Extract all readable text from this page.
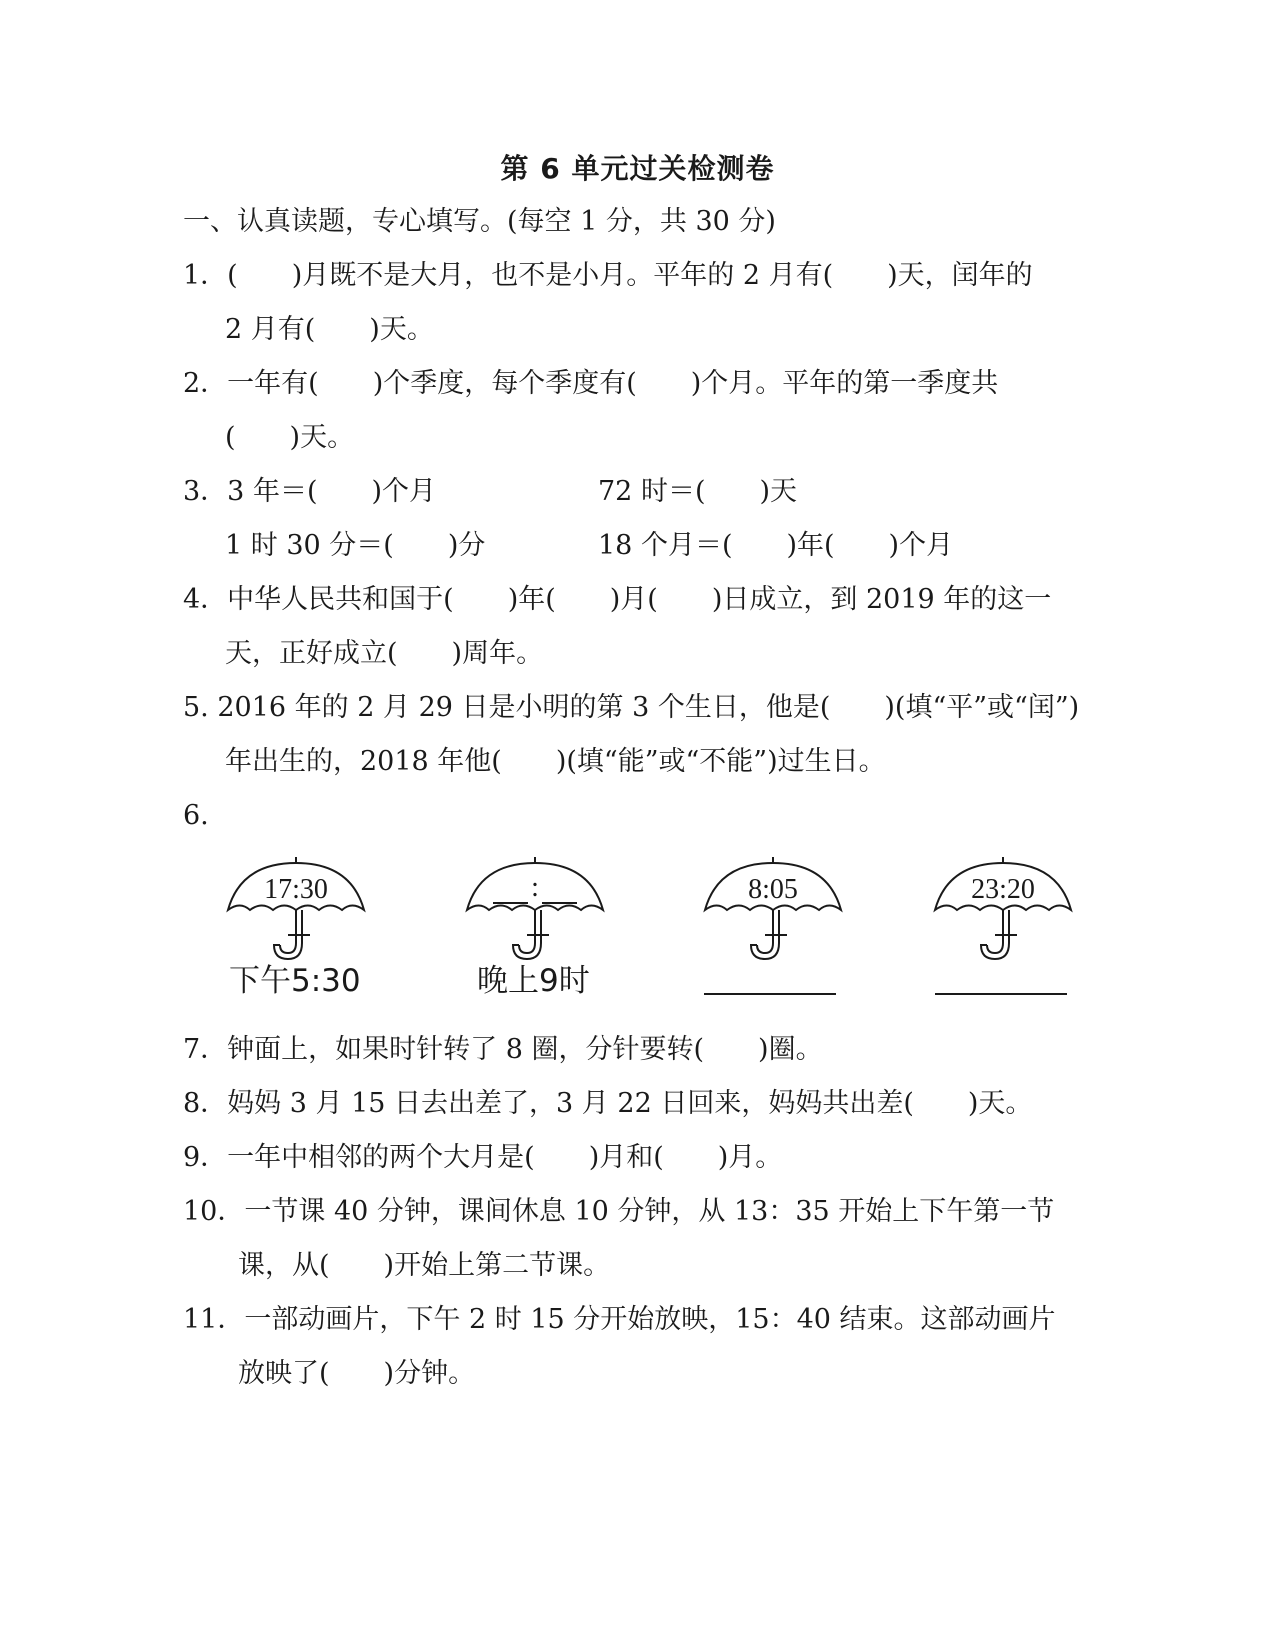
第 6 单元过关检测卷
一、认真读题，专心填写。(每空 1 分，共 30 分)
1．(　　)月既不是大月，也不是小月。平年的 2 月有(　　)天，闰年的
2 月有(　　)天。
2．一年有(　　)个季度，每个季度有(　　)个月。平年的第一季度共
(　　)天。
3．3 年＝(　　)个月	72 时＝(　　)天
1 时 30 分＝(　　)分	18 个月＝(　　)年(　　)个月
4．中华人民共和国于(　　)年(　　)月(　　)日成立，到 2019 年的这一
天，正好成立(　　)周年。
5. 2016 年的 2 月 29 日是小明的第 3 个生日，他是(　　)(填“平”或“闰”)
年出生的，2018 年他(　　)(填“能”或“不能”)过生日。
6.
17:30	:	8:05	23:20
下午5:30	晚上9时
7．钟面上，如果时针转了 8 圈，分针要转(　　)圈。
8．妈妈 3 月 15 日去出差了，3 月 22 日回来，妈妈共出差(　　)天。
9．一年中相邻的两个大月是(　　)月和(　　)月。
10．一节课 40 分钟，课间休息 10 分钟，从 13：35 开始上下午第一节
课，从(　　)开始上第二节课。
11．一部动画片，下午 2 时 15 分开始放映，15：40 结束。这部动画片
放映了(　　)分钟。
